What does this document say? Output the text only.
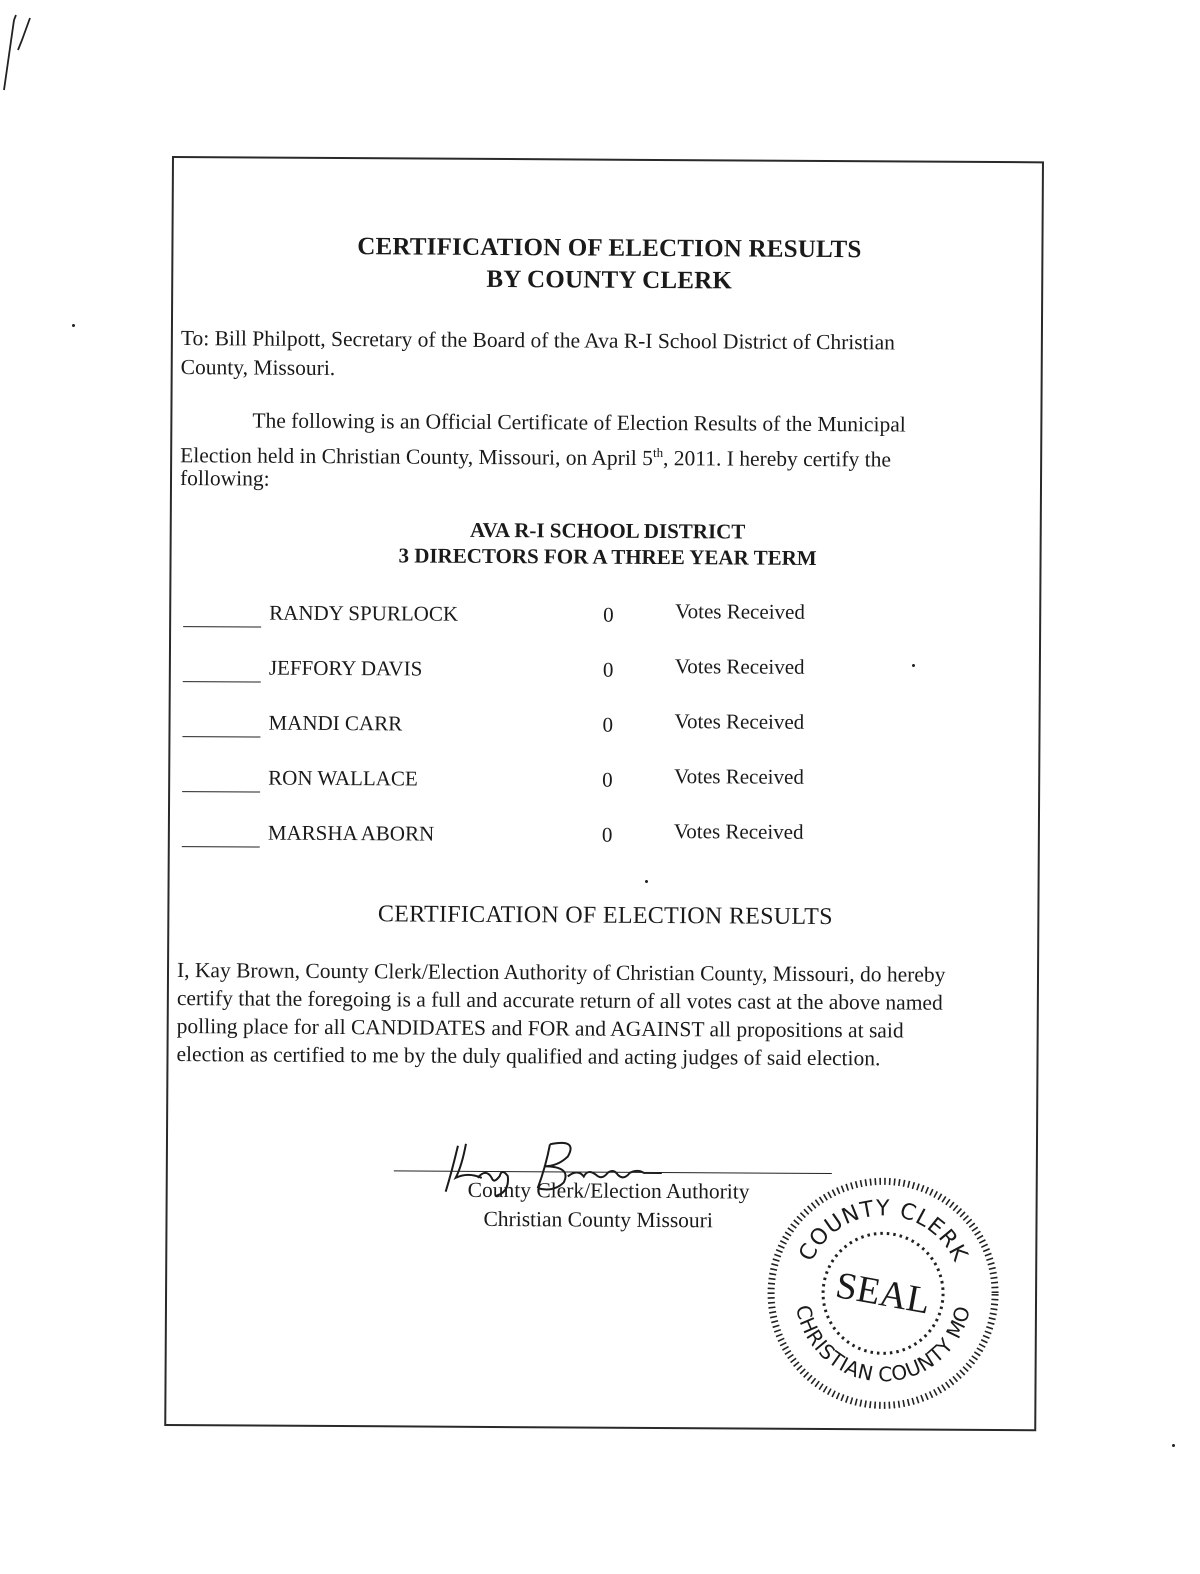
CERTIFICATION OF ELECTION RESULTS
BY COUNTY CLERK
To: Bill Philpott, Secretary of the Board of the Ava R-I School District of Christian
County, Missouri.
The following is an Official Certificate of Election Results of the Municipal
Election held in Christian County, Missouri, on April 5th, 2011. I hereby certify the
following:
AVA R-I SCHOOL DISTRICT
3 DIRECTORS FOR A THREE YEAR TERM
RANDY SPURLOCK	0	Votes Received
JEFFORY DAVIS	0	Votes Received
MANDI CARR	0	Votes Received
RON WALLACE	0	Votes Received
MARSHA ABORN	0	Votes Received
CERTIFICATION OF ELECTION RESULTS
I, Kay Brown, County Clerk/Election Authority of Christian County, Missouri, do hereby
certify that the foregoing is a full and accurate return of all votes cast at the above named
polling place for all CANDIDATES and FOR and AGAINST all propositions at said
election as certified to me by the duly qualified and acting judges of said election.
County Clerk/Election Authority
Christian County Missouri
COUNTY CLERK
CHRISTIAN COUNTY MO
SEAL
